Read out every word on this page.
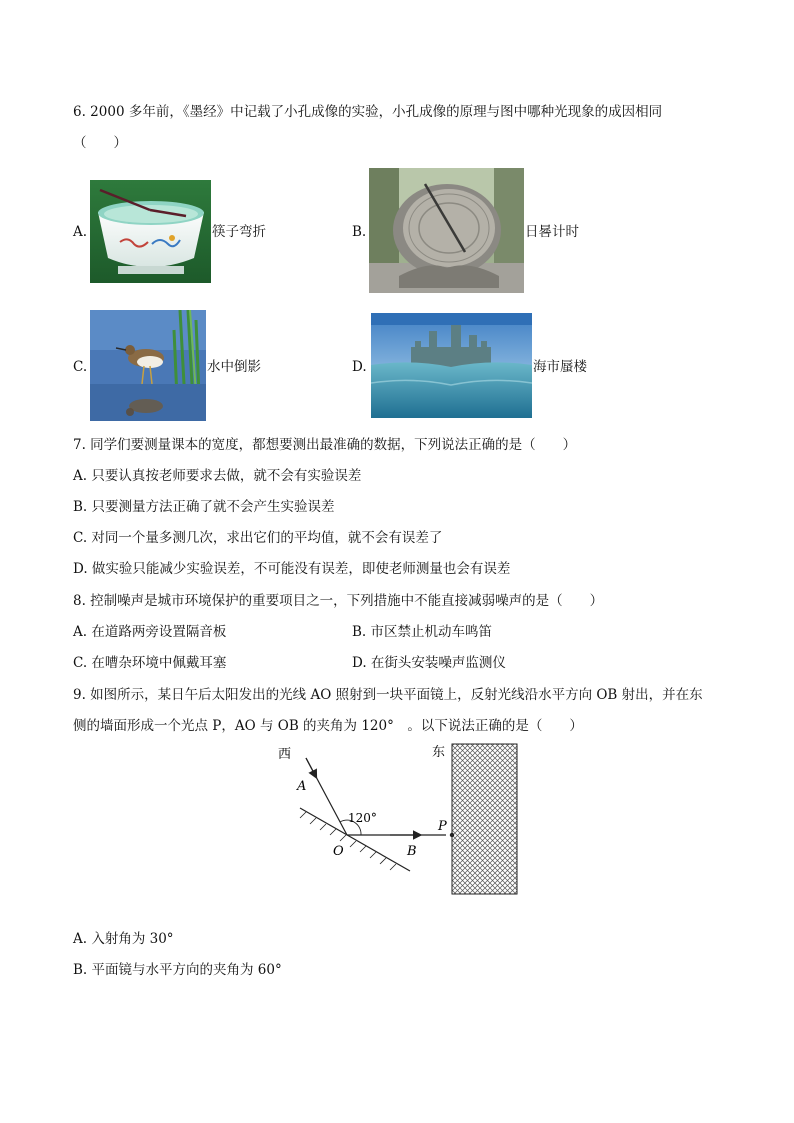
6. 2000 多年前，《墨经》中记载了小孔成像的实验，小孔成像的原理与图中哪种光现象的成因相同
（　　）
A.	筷子弯折	B.	日晷计时
C.	水中倒影	D.	海市蜃楼
7. 同学们要测量课本的宽度，都想要测出最准确的数据，下列说法正确的是（　　）
A. 只要认真按老师要求去做，就不会有实验误差
B. 只要测量方法正确了就不会产生实验误差
C. 对同一个量多测几次，求出它们的平均值，就不会有误差了
D. 做实验只能减少实验误差，不可能没有误差，即使老师测量也会有误差
8. 控制噪声是城市环境保护的重要项目之一，下列措施中不能直接减弱噪声的是（　　）
A. 在道路两旁设置隔音板	B. 市区禁止机动车鸣笛
C. 在嘈杂环境中佩戴耳塞	D. 在街头安装噪声监测仪
9. 如图所示，某日午后太阳发出的光线 AO 照射到一块平面镜上，反射光线沿水平方向 OB 射出，并在东
侧的墙面形成一个光点 P，AO 与 OB 的夹角为 120°　。以下说法正确的是（　　）
西	东
A
120°
O	B
P
A. 入射角为 30°
B. 平面镜与水平方向的夹角为 60°
